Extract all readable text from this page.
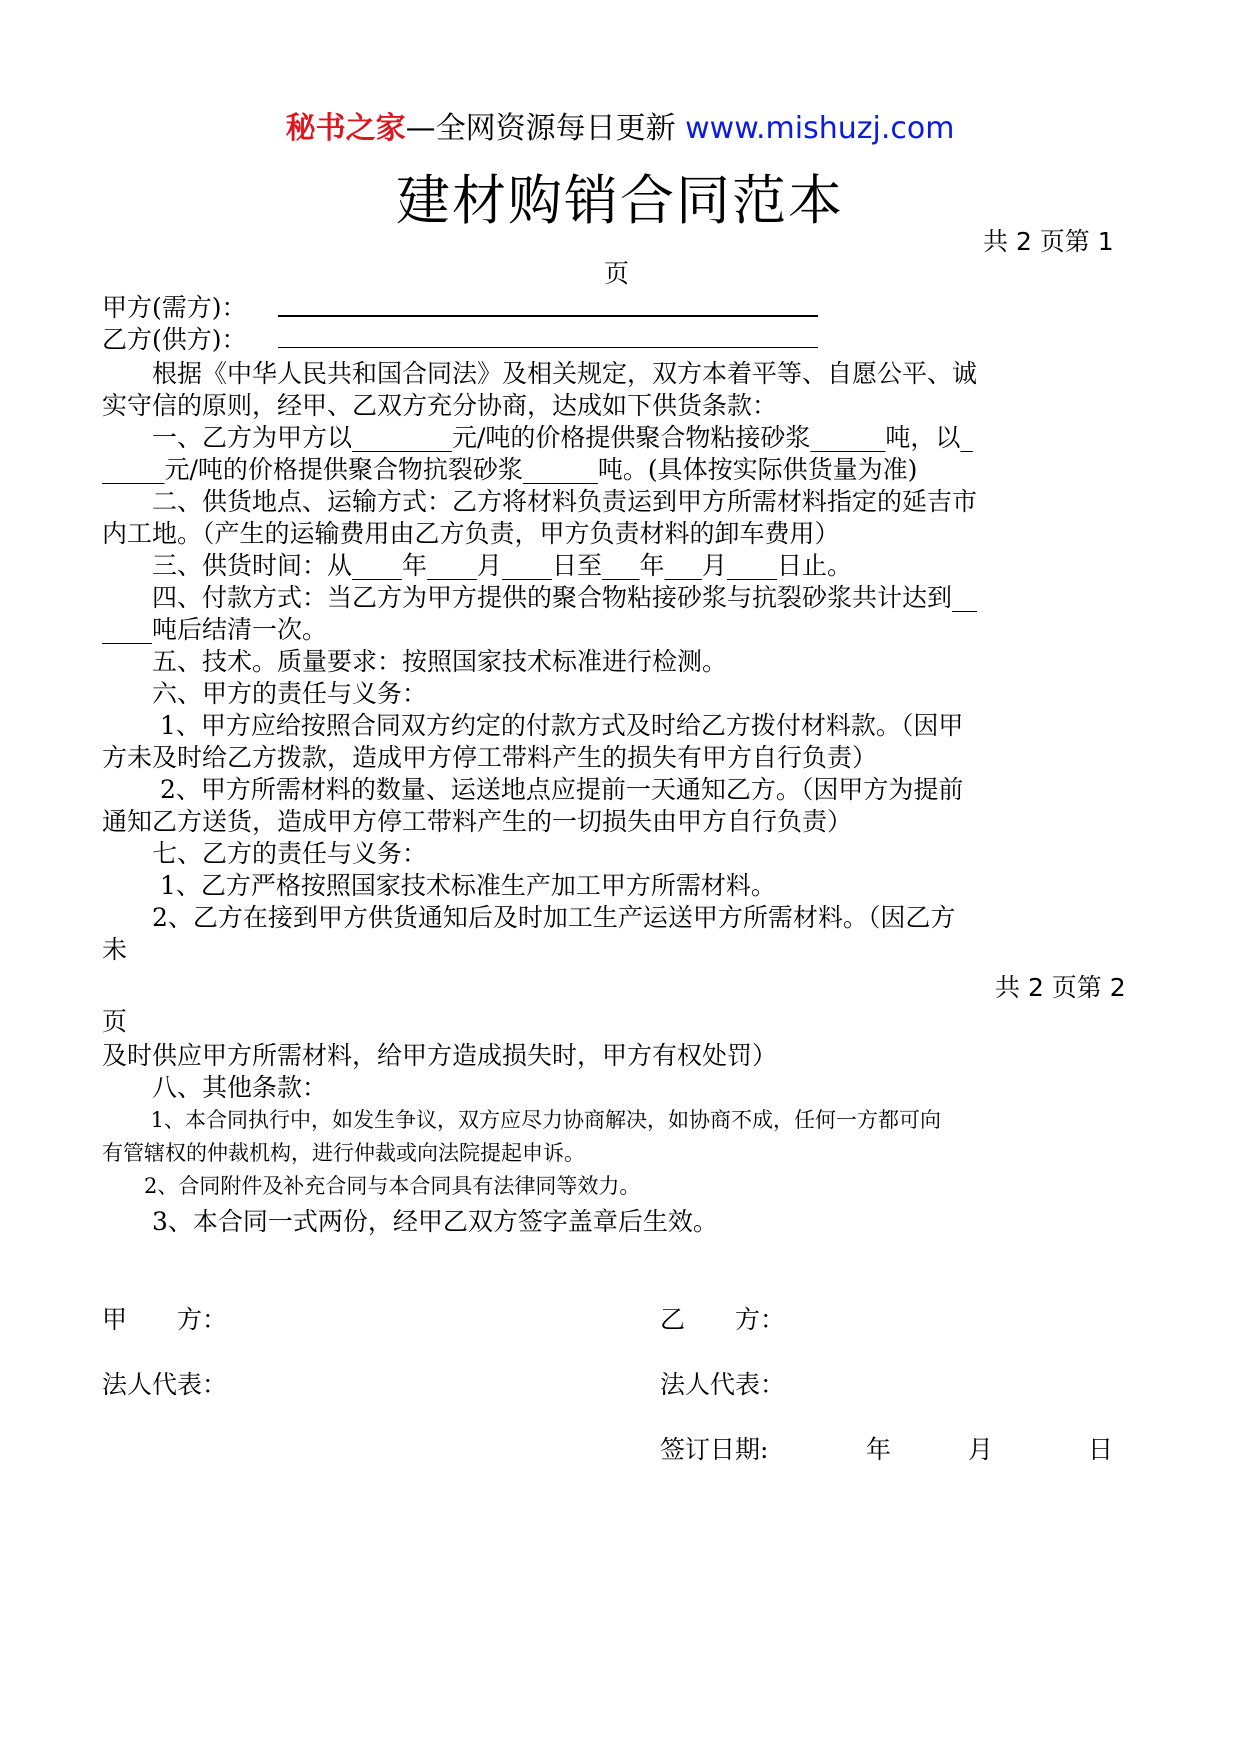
秘书之家—全网资源每日更新 www.mishuzj.com
建材购销合同范本
共 2 页第 1
页
甲方(需方)：
乙方(供方)：
　　根据《中华人民共和国合同法》及相关规定，双方本着平等、自愿公平、诚
实守信的原则，经甲、乙双方充分协商，达成如下供货条款：
　　一、乙方为甲方以________元/吨的价格提供聚合物粘接砂浆______吨，以_
_____元/吨的价格提供聚合物抗裂砂浆______吨。(具体按实际供货量为准)
　　二、供货地点、运输方式：乙方将材料负责运到甲方所需材料指定的延吉市
内工地。（产生的运输费用由乙方负责，甲方负责材料的卸车费用）
　　三、供货时间：从____年____月____日至___年___月____日止。
　　四、付款方式：当乙方为甲方提供的聚合物粘接砂浆与抗裂砂浆共计达到__
____吨后结清一次。
　　五、技术。质量要求：按照国家技术标准进行检测。
　　六、甲方的责任与义务：
　　 1、甲方应给按照合同双方约定的付款方式及时给乙方拨付材料款。（因甲
方未及时给乙方拨款，造成甲方停工带料产生的损失有甲方自行负责）
　　 2、甲方所需材料的数量、运送地点应提前一天通知乙方。（因甲方为提前
通知乙方送货，造成甲方停工带料产生的一切损失由甲方自行负责）
　　七、乙方的责任与义务：
　　 1、乙方严格按照国家技术标准生产加工甲方所需材料。
　　2、乙方在接到甲方供货通知后及时加工生产运送甲方所需材料。（因乙方
未
共 2 页第 2
页
及时供应甲方所需材料，给甲方造成损失时，甲方有权处罚）
　　八、其他条款：
　　 1、本合同执行中，如发生争议，双方应尽力协商解决，如协商不成，任何一方都可向
有管辖权的仲裁机构，进行仲裁或向法院提起申诉。
　　2、合同附件及补充合同与本合同具有法律同等效力。
　　3、本合同一式两份，经甲乙双方签字盖章后生效。
甲　　方：	乙　　方：
法人代表：	法人代表：
签订日期:	年	月	日
